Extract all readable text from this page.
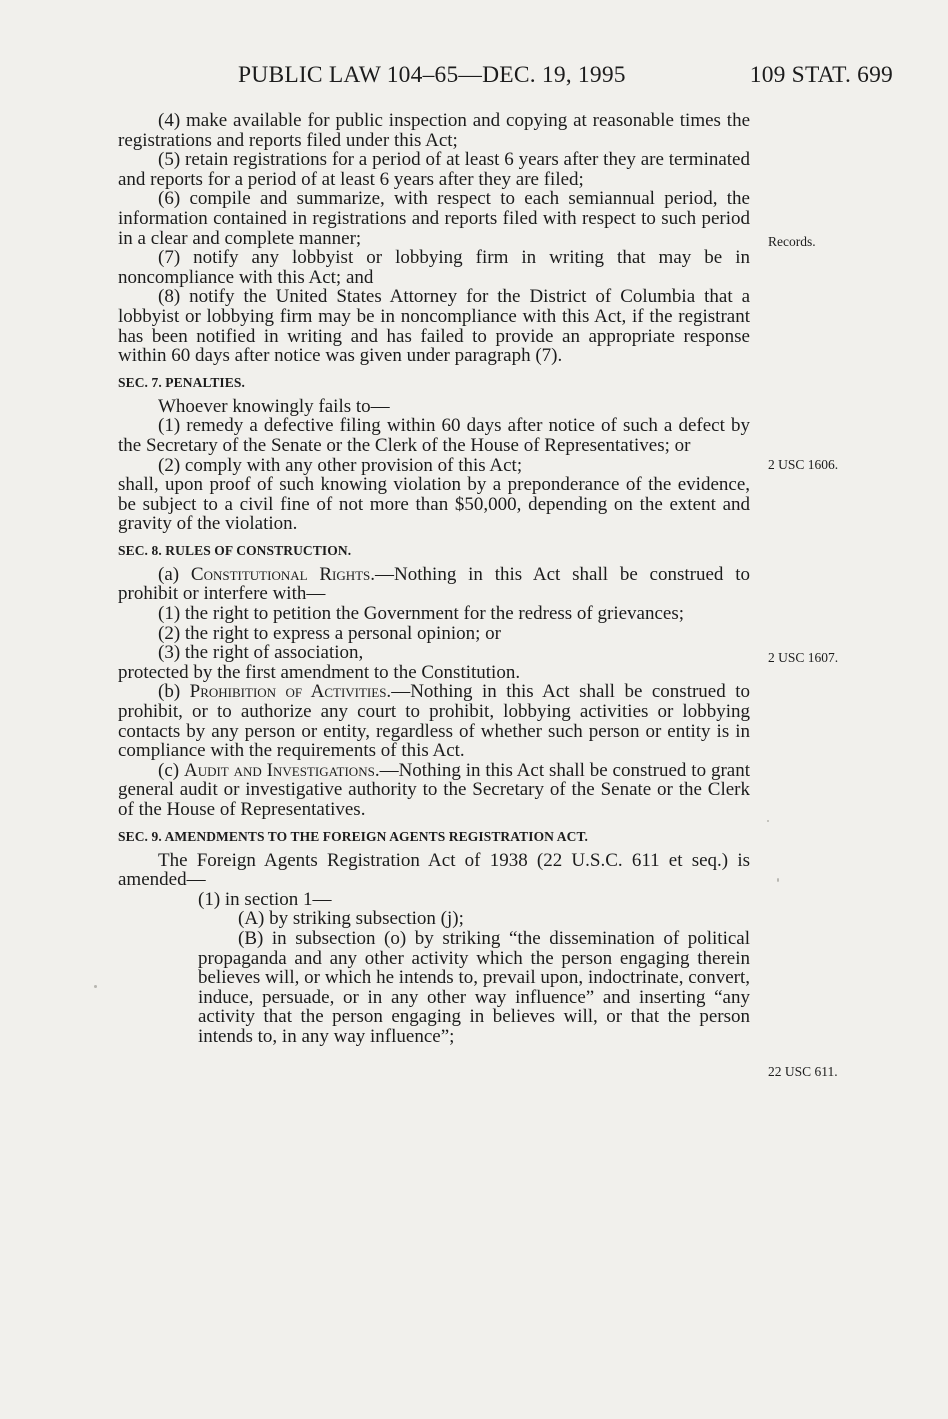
PUBLIC LAW 104–65—DEC. 19, 1995	109 STAT. 699

(4) make available for public inspection and copying at reasonable times the registrations and reports filed under this Act;

(5) retain registrations for a period of at least 6 years after they are terminated and reports for a period of at least 6 years after they are filed;

(6) compile and summarize, with respect to each semiannual period, the information contained in registrations and reports filed with respect to such period in a clear and complete manner;

(7) notify any lobbyist or lobbying firm in writing that may be in noncompliance with this Act; and

(8) notify the United States Attorney for the District of Columbia that a lobbyist or lobbying firm may be in noncompliance with this Act, if the registrant has been notified in writing and has failed to provide an appropriate response within 60 days after notice was given under paragraph (7).

SEC. 7. PENALTIES.

Whoever knowingly fails to—

(1) remedy a defective filing within 60 days after notice of such a defect by the Secretary of the Senate or the Clerk of the House of Representatives; or

(2) comply with any other provision of this Act;

shall, upon proof of such knowing violation by a preponderance of the evidence, be subject to a civil fine of not more than $50,000, depending on the extent and gravity of the violation.

SEC. 8. RULES OF CONSTRUCTION.

(a) Constitutional Rights.—Nothing in this Act shall be construed to prohibit or interfere with—

(1) the right to petition the Government for the redress of grievances;

(2) the right to express a personal opinion; or

(3) the right of association,

protected by the first amendment to the Constitution.

(b) Prohibition of Activities.—Nothing in this Act shall be construed to prohibit, or to authorize any court to prohibit, lobbying activities or lobbying contacts by any person or entity, regardless of whether such person or entity is in compliance with the requirements of this Act.

(c) Audit and Investigations.—Nothing in this Act shall be construed to grant general audit or investigative authority to the Secretary of the Senate or the Clerk of the House of Representatives.

SEC. 9. AMENDMENTS TO THE FOREIGN AGENTS REGISTRATION ACT.

The Foreign Agents Registration Act of 1938 (22 U.S.C. 611 et seq.) is amended—

(1) in section 1—

(A) by striking subsection (j);

(B) in subsection (o) by striking “the dissemination of political propaganda and any other activity which the person engaging therein believes will, or which he intends to, prevail upon, indoctrinate, convert, induce, persuade, or in any other way influence” and inserting “any activity that the person engaging in believes will, or that the person intends to, in any way influence”;

Records.
2 USC 1606.
2 USC 1607.
22 USC 611.
